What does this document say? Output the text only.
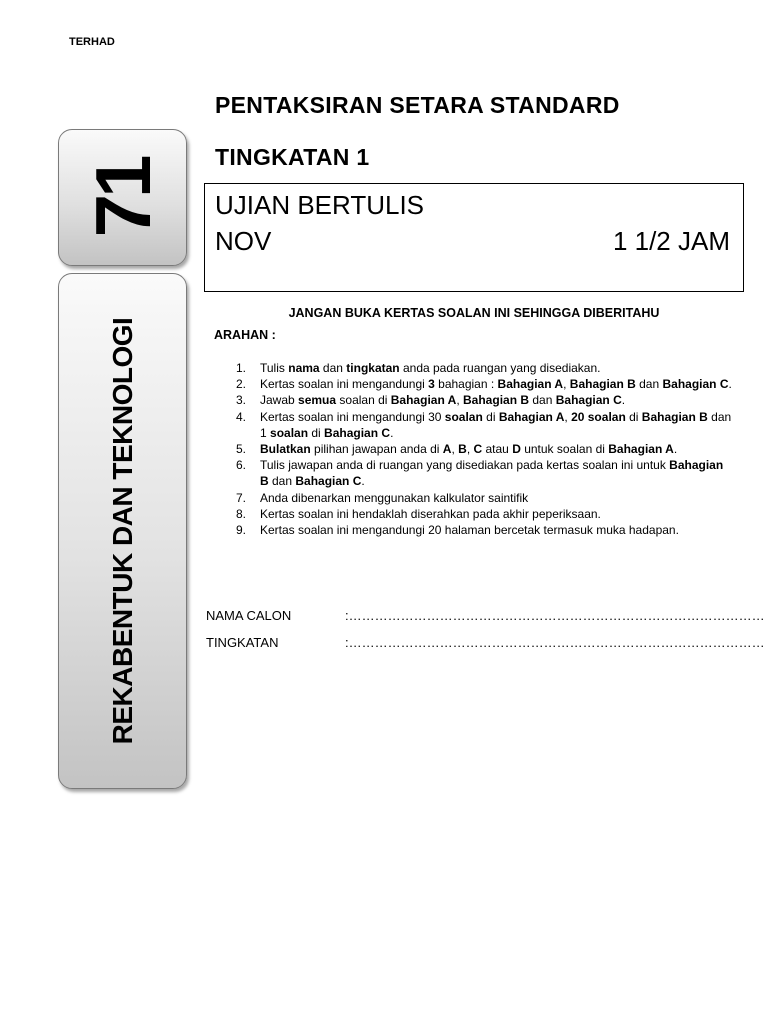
TERHAD
PENTAKSIRAN SETARA STANDARD
TINGKATAN 1
71
REKABENTUK DAN TEKNOLOGI
UJIAN BERTULIS
NOV	1 1/2 JAM
JANGAN BUKA KERTAS SOALAN INI SEHINGGA DIBERITAHU
ARAHAN :
1. Tulis nama dan tingkatan anda pada ruangan yang disediakan.
2. Kertas soalan ini mengandungi 3 bahagian : Bahagian A, Bahagian B dan Bahagian C.
3. Jawab semua soalan di Bahagian A, Bahagian B dan Bahagian C.
4. Kertas soalan ini mengandungi 30 soalan di Bahagian A, 20 soalan di Bahagian B dan 1 soalan di Bahagian C.
5. Bulatkan pilihan jawapan anda di A, B, C atau D untuk soalan di Bahagian A.
6. Tulis jawapan anda di ruangan yang disediakan pada kertas soalan ini untuk Bahagian B dan Bahagian C.
7. Anda dibenarkan menggunakan kalkulator saintifik
8. Kertas soalan ini hendaklah diserahkan pada akhir peperiksaan.
9. Kertas soalan ini mengandungi 20 halaman bercetak termasuk muka hadapan.
NAMA CALON	:……………………………………………………………………………………
TINGKATAN	:……………………………………………………………………………………
